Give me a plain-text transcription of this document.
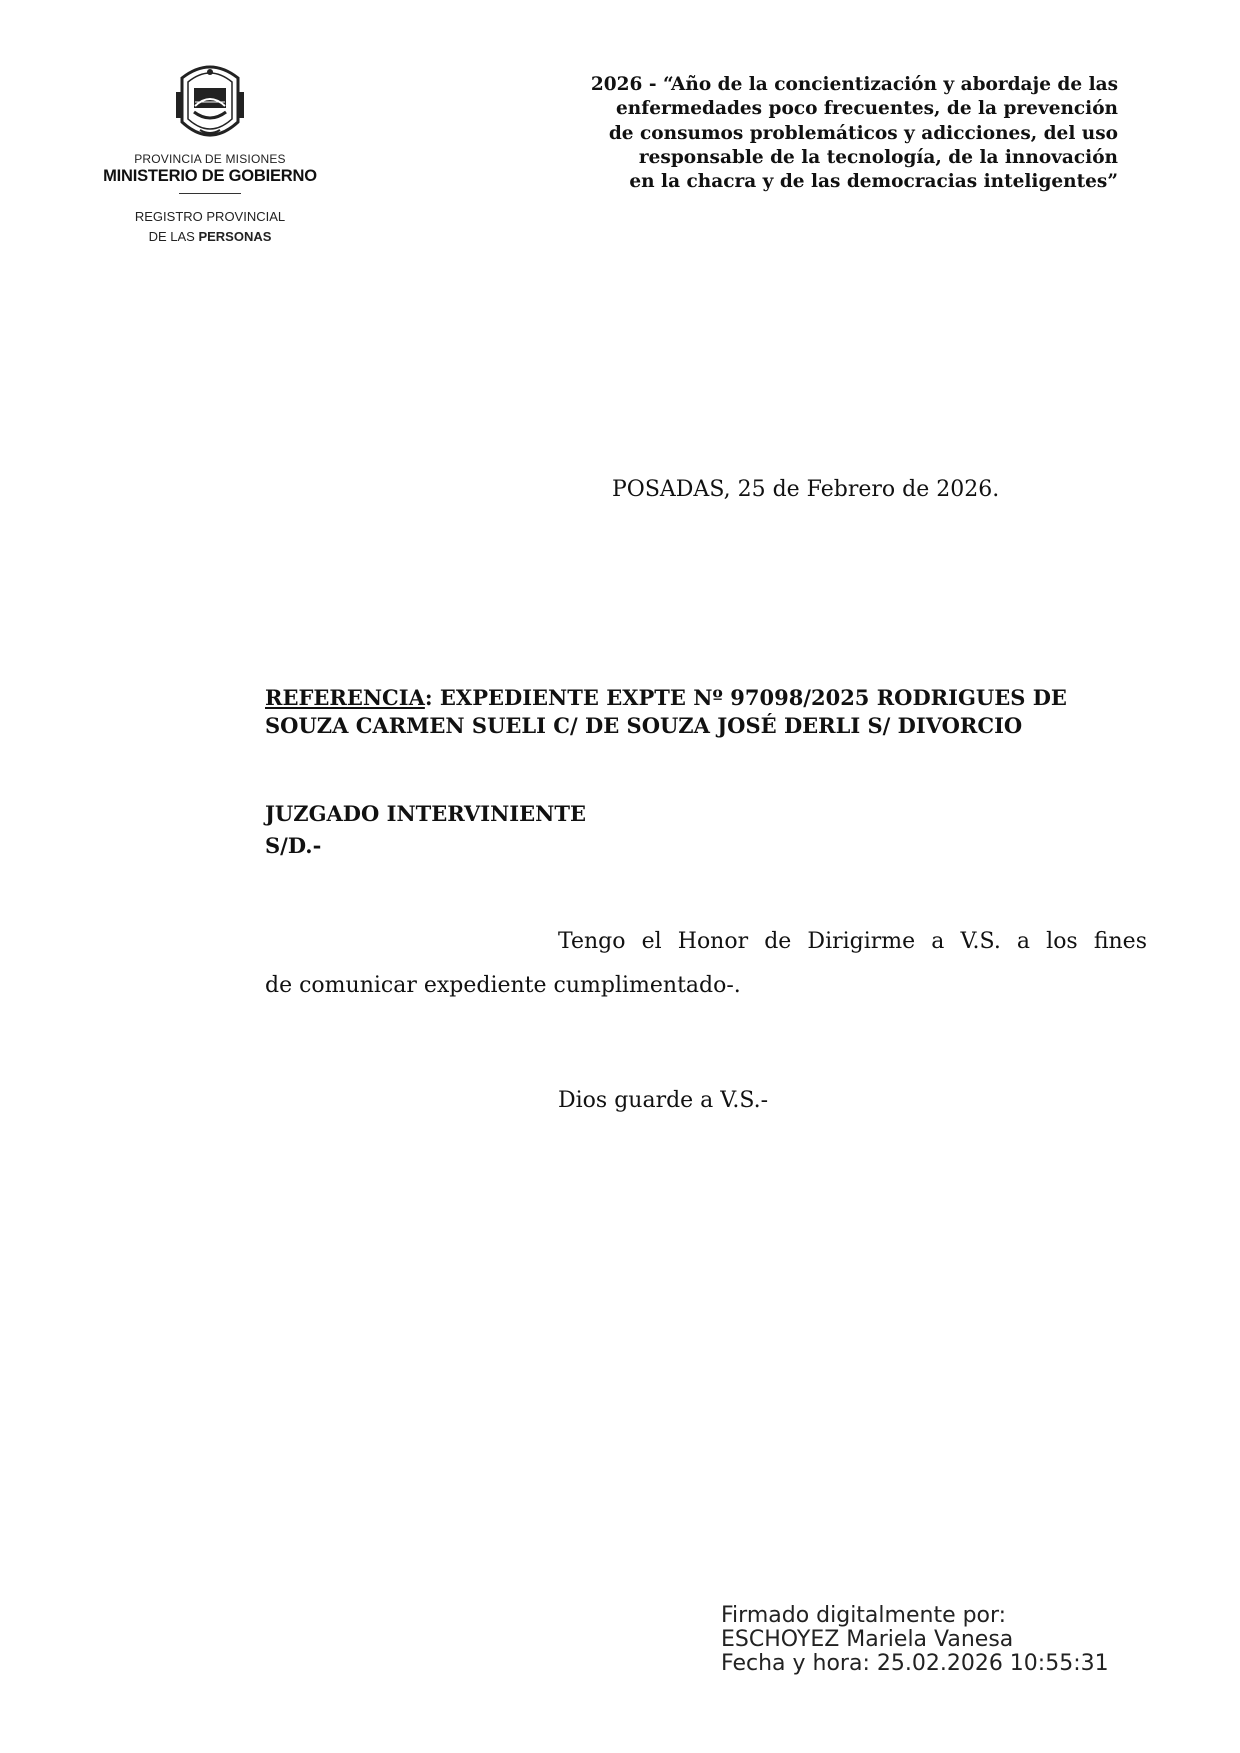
PROVINCIA DE MISIONES
MINISTERIO DE GOBIERNO
REGISTRO PROVINCIAL
DE LAS PERSONAS
2026 - “Año de la concientización y abordaje de las
enfermedades poco frecuentes, de la prevención
de consumos problemáticos y adicciones, del uso
responsable de la tecnología, de la innovación
en la chacra y de las democracias inteligentes”
POSADAS, 25 de Febrero de 2026.
REFERENCIA: EXPEDIENTE EXPTE Nº 97098/2025 RODRIGUES DE
SOUZA CARMEN SUELI C/ DE SOUZA JOSÉ DERLI S/ DIVORCIO
JUZGADO INTERVINIENTE
S/D.-
Tengo el Honor de Dirigirme a V.S. a los fines
de comunicar expediente cumplimentado-.
Dios guarde a V.S.-
Firmado digitalmente por:
ESCHOYEZ Mariela Vanesa
Fecha y hora: 25.02.2026 10:55:31
